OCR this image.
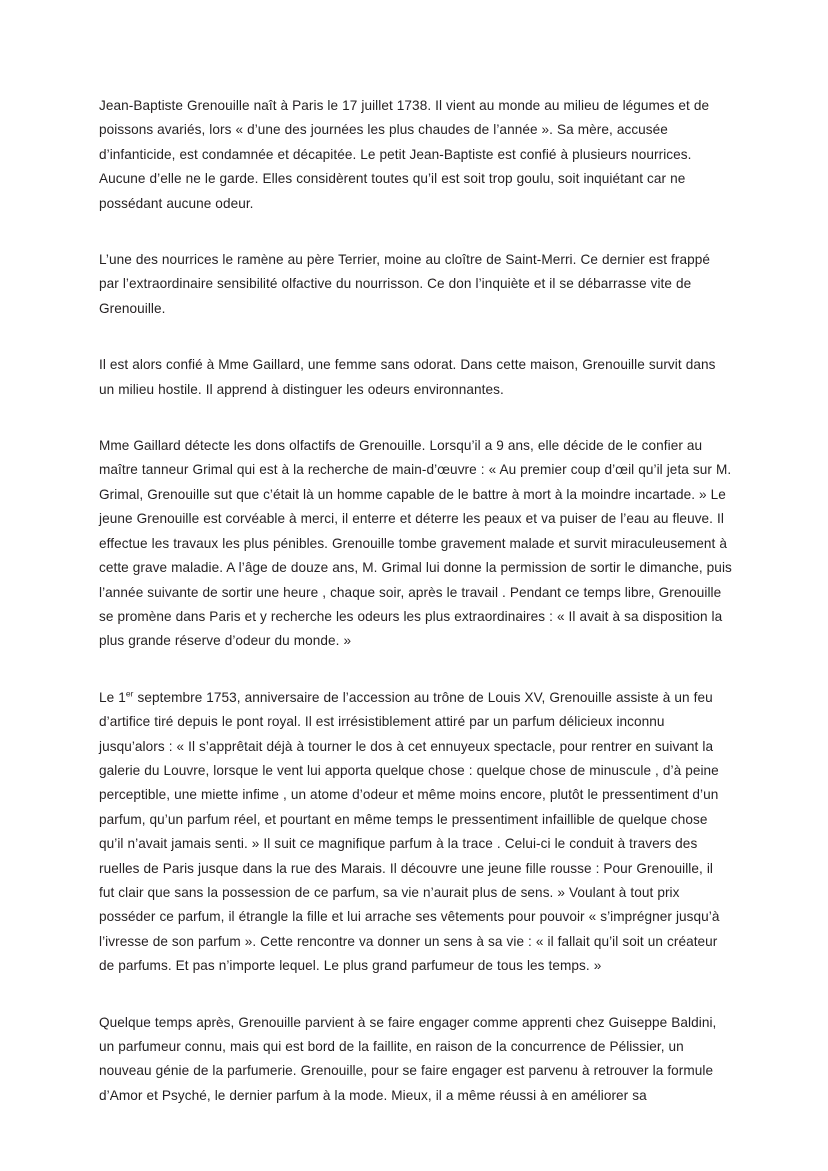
Jean-Baptiste Grenouille naît à Paris le 17 juillet 1738. Il vient au monde au milieu de légumes et de poissons avariés, lors « d’une des journées les plus chaudes de l’année ». Sa mère, accusée d’infanticide, est condamnée et décapitée. Le petit Jean-Baptiste est confié à plusieurs nourrices. Aucune d’elle ne le garde. Elles considèrent toutes qu’il est soit trop goulu, soit inquiétant car ne possédant aucune odeur.

L’une des nourrices le ramène au père Terrier, moine au cloître de Saint-Merri. Ce dernier est frappé par l’extraordinaire sensibilité olfactive du nourrisson. Ce don l’inquiète et il se débarrasse vite de Grenouille.

Il est alors confié à Mme Gaillard, une femme sans odorat. Dans cette maison, Grenouille survit dans un milieu hostile. Il apprend à distinguer les odeurs environnantes.

Mme Gaillard détecte les dons olfactifs de Grenouille. Lorsqu’il a 9 ans, elle décide de le confier au maître tanneur Grimal qui est à la recherche de main-d’œuvre : « Au premier coup d’œil qu’il jeta sur M. Grimal, Grenouille sut que c’était là un homme capable de le battre à mort à la moindre incartade. » Le jeune Grenouille est corvéable à merci, il enterre et déterre les peaux et va puiser de l’eau au fleuve. Il effectue les travaux les plus pénibles. Grenouille tombe gravement malade et survit miraculeusement à cette grave maladie. A l’âge de douze ans, M. Grimal lui donne la permission de sortir le dimanche, puis l’année suivante de sortir une heure , chaque soir, après le travail . Pendant ce temps libre, Grenouille se promène dans Paris et y recherche les odeurs les plus extraordinaires : « Il avait à sa disposition la plus grande réserve d’odeur du monde. »

Le 1er septembre 1753, anniversaire de l’accession au trône de Louis XV, Grenouille assiste à un feu d’artifice tiré depuis le pont royal. Il est irrésistiblement attiré par un parfum délicieux inconnu jusqu’alors : « Il s’apprêtait déjà à tourner le dos à cet ennuyeux spectacle, pour rentrer en suivant la galerie du Louvre, lorsque le vent lui apporta quelque chose : quelque chose de minuscule , d’à peine perceptible, une miette infime , un atome d’odeur et même moins encore, plutôt le pressentiment d’un parfum, qu’un parfum réel, et pourtant en même temps le pressentiment infaillible de quelque chose qu’il n’avait jamais senti. » Il suit ce magnifique parfum à la trace . Celui-ci le conduit à travers des ruelles de Paris jusque dans la rue des Marais. Il découvre une jeune fille rousse : Pour Grenouille, il fut clair que sans la possession de ce parfum, sa vie n’aurait plus de sens. » Voulant à tout prix posséder ce parfum, il étrangle la fille et lui arrache ses vêtements pour pouvoir « s’imprégner jusqu’à l’ivresse de son parfum ». Cette rencontre va donner un sens à sa vie : « il fallait qu’il soit un créateur de parfums. Et pas n’importe lequel. Le plus grand parfumeur de tous les temps. »

Quelque temps après, Grenouille parvient à se faire engager comme apprenti chez Guiseppe Baldini, un parfumeur connu, mais qui est bord de la faillite, en raison de la concurrence de Pélissier, un nouveau génie de la parfumerie. Grenouille, pour se faire engager est parvenu à retrouver la formule d’Amor et Psyché, le dernier parfum à la mode. Mieux, il a même réussi à en améliorer sa
